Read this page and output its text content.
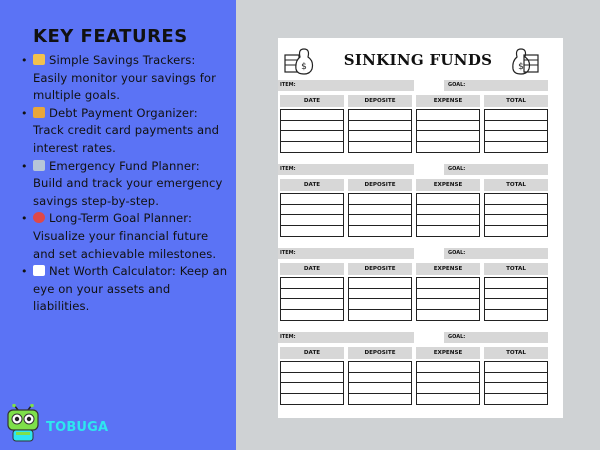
KEY FEATURES
• Simple Savings Trackers: Easily monitor your savings for multiple goals.
• Debt Payment Organizer: Track credit card payments and interest rates.
• Emergency Fund Planner: Build and track your emergency savings step-by-step.
• Long-Term Goal Planner: Visualize your financial future and set achievable milestones.
• Net Worth Calculator: Keep an eye on your assets and liabilities.
TOBUGA
$ SINKING FUNDS	$
ITEM:	GOAL:
DATE	DEPOSITE	EXPENSE	TOTAL
ITEM:	GOAL:
DATE	DEPOSITE	EXPENSE	TOTAL
ITEM:	GOAL:
DATE	DEPOSITE	EXPENSE	TOTAL
ITEM:	GOAL:
DATE	DEPOSITE	EXPENSE	TOTAL
